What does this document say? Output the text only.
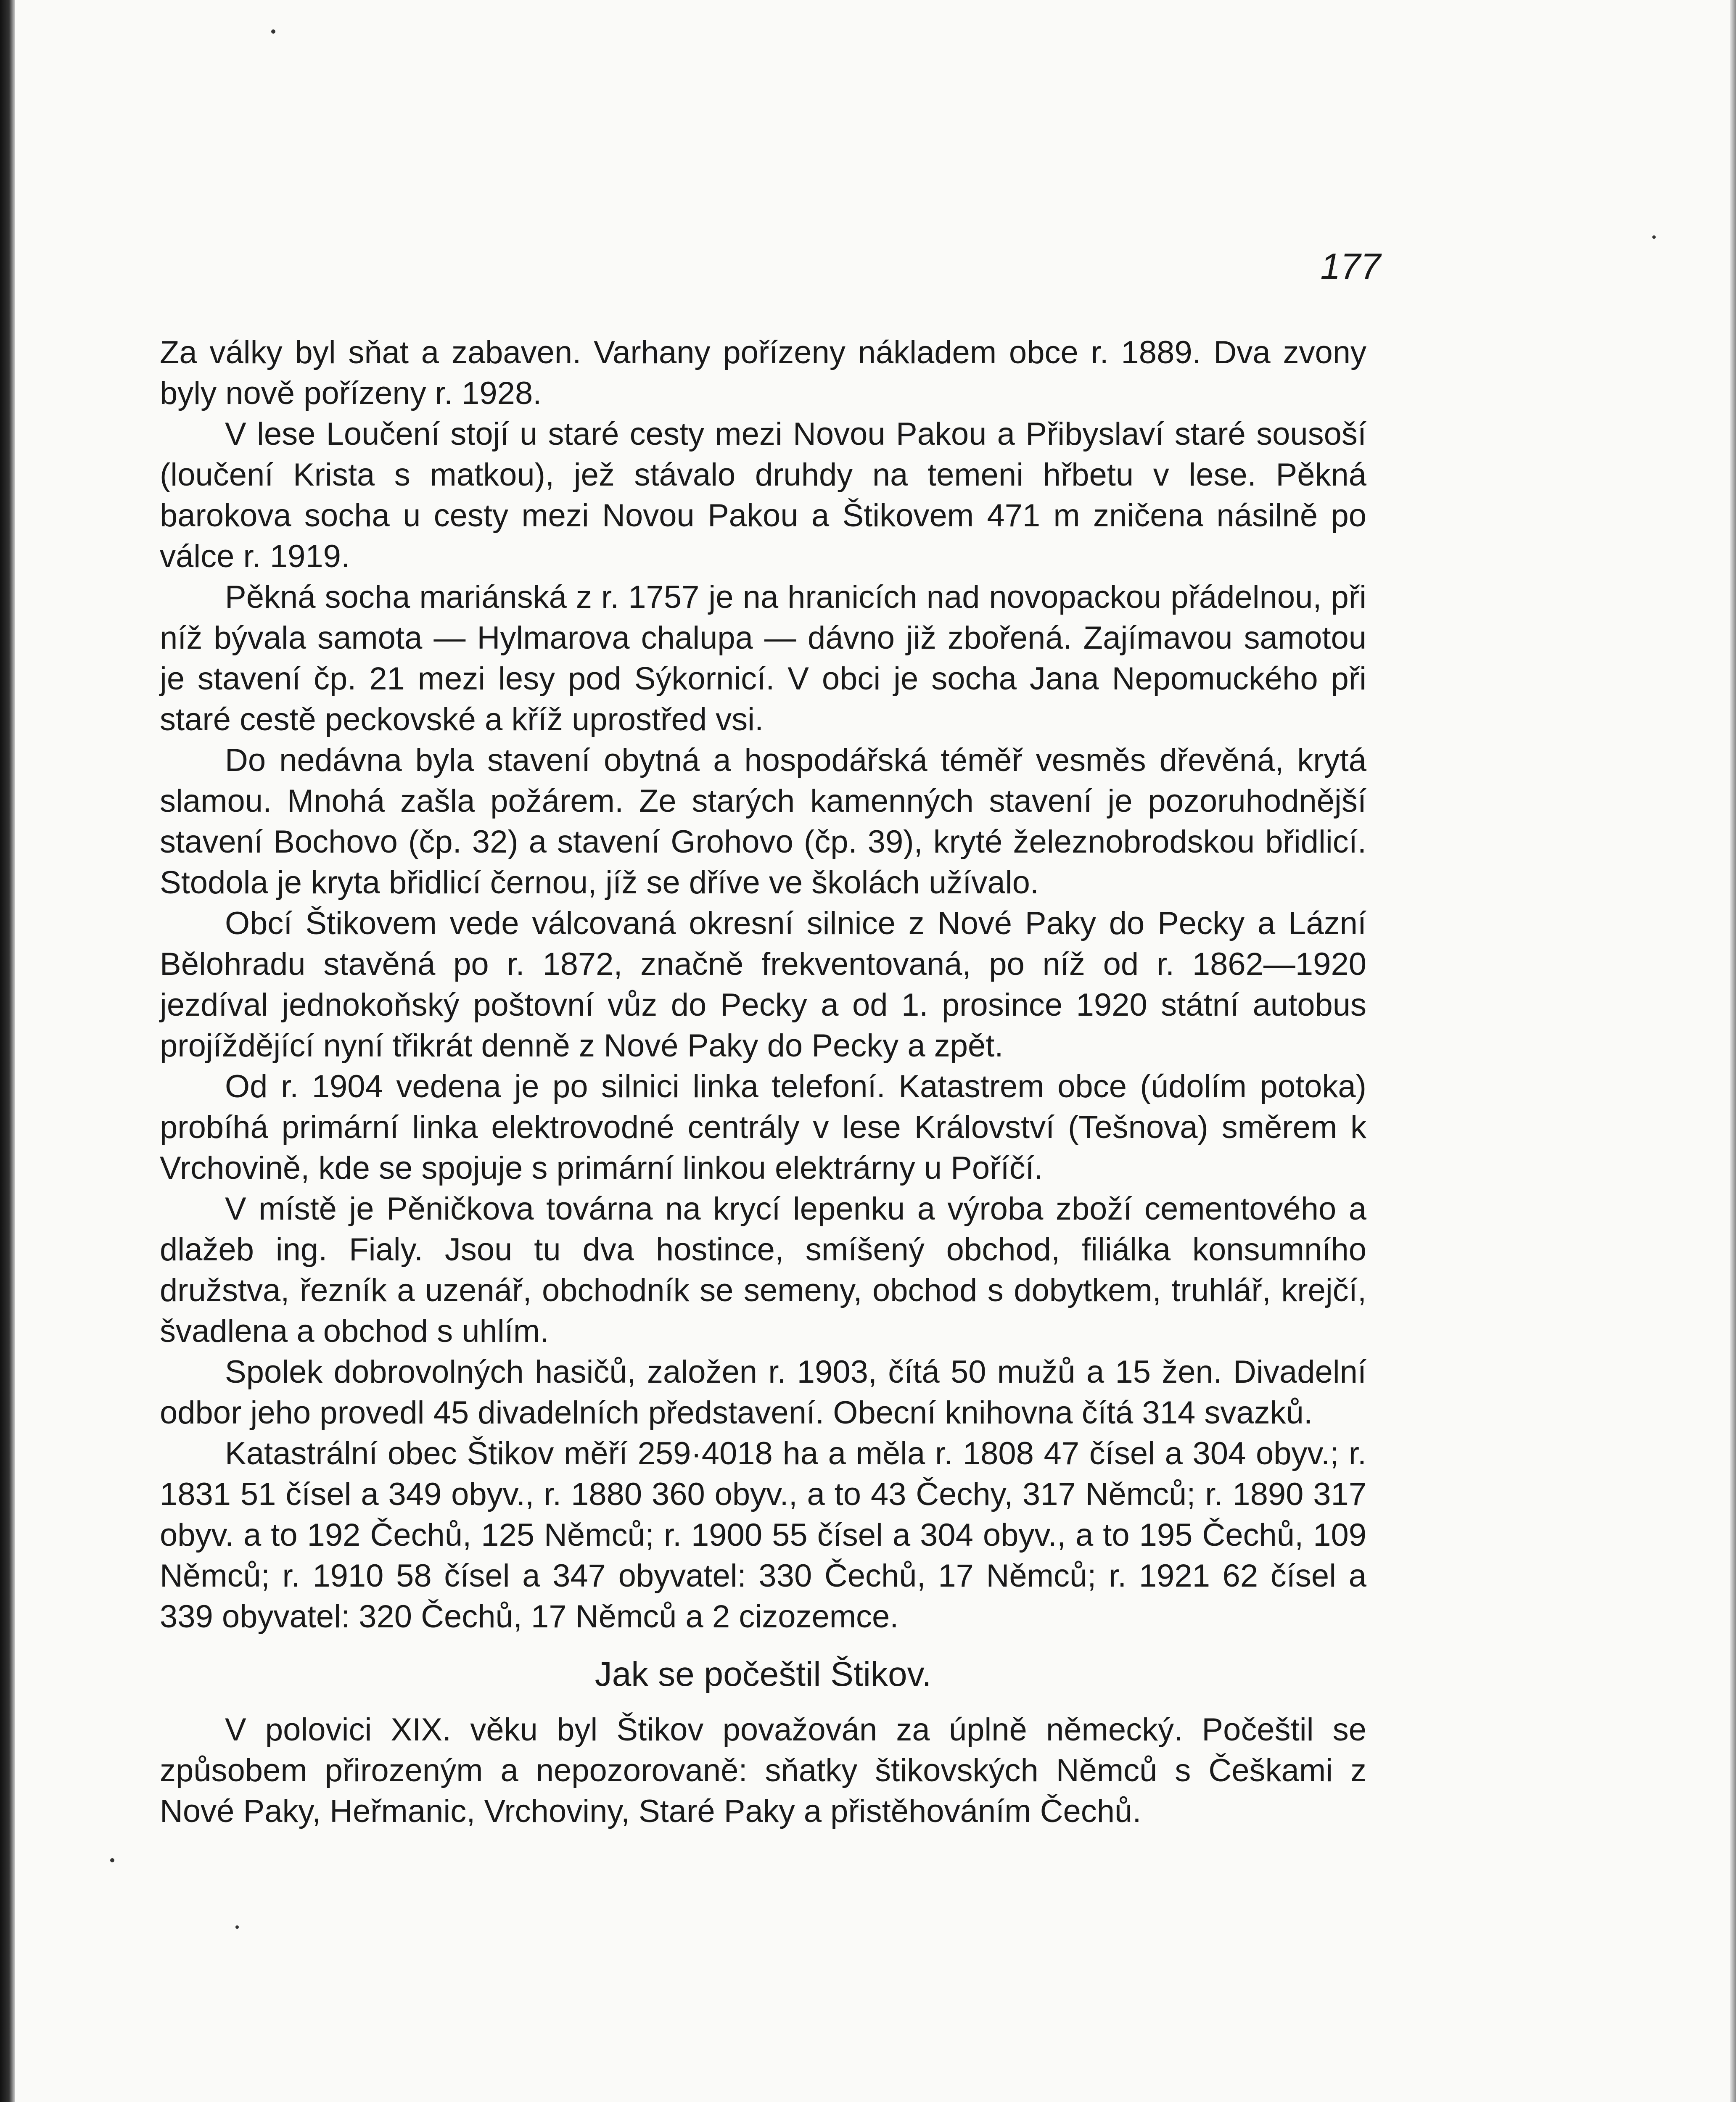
177

Za války byl sňat a zabaven. Varhany pořízeny nákladem obce r. 1889. Dva zvony byly nově pořízeny r. 1928.

V lese Loučení stojí u staré cesty mezi Novou Pakou a Přibyslaví staré sousoší (loučení Krista s matkou), jež stávalo druhdy na temeni hřbetu v lese. Pěkná barokova socha u cesty mezi Novou Pakou a Štikovem 471 m zničena násilně po válce r. 1919.

Pěkná socha mariánská z r. 1757 je na hranicích nad novopackou přádelnou, při níž bývala samota — Hylmarova chalupa — dávno již zbořená. Zajímavou samotou je stavení čp. 21 mezi lesy pod Sýkornicí. V obci je socha Jana Nepomuckého při staré cestě peckovské a kříž uprostřed vsi.

Do nedávna byla stavení obytná a hospodářská téměř vesměs dřevěná, krytá slamou. Mnohá zašla požárem. Ze starých kamenných stavení je pozoruhodnější stavení Bochovo (čp. 32) a stavení Grohovo (čp. 39), kryté železnobrodskou břidlicí. Stodola je kryta břidlicí černou, jíž se dříve ve školách užívalo.

Obcí Štikovem vede válcovaná okresní silnice z Nové Paky do Pecky a Lázní Bělohradu stavěná po r. 1872, značně frekventovaná, po níž od r. 1862—1920 jezdíval jednokoňský poštovní vůz do Pecky a od 1. prosince 1920 státní autobus projíždějící nyní třikrát denně z Nové Paky do Pecky a zpět.

Od r. 1904 vedena je po silnici linka telefoní. Katastrem obce (údolím potoka) probíhá primární linka elektrovodné centrály v lese Království (Tešnova) směrem k Vrchovině, kde se spojuje s primární linkou elektrárny u Poříčí.

V místě je Pěničkova továrna na krycí lepenku a výroba zboží cementového a dlažeb ing. Fialy. Jsou tu dva hostince, smíšený obchod, filiálka konsumního družstva, řezník a uzenář, obchodník se semeny, obchod s dobytkem, truhlář, krejčí, švadlena a obchod s uhlím.

Spolek dobrovolných hasičů, založen r. 1903, čítá 50 mužů a 15 žen. Divadelní odbor jeho provedl 45 divadelních představení. Obecní knihovna čítá 314 svazků.

Katastrální obec Štikov měří 259·4018 ha a měla r. 1808 47 čísel a 304 obyv.; r. 1831 51 čísel a 349 obyv., r. 1880 360 obyv., a to 43 Čechy, 317 Němců; r. 1890 317 obyv. a to 192 Čechů, 125 Němců; r. 1900 55 čísel a 304 obyv., a to 195 Čechů, 109 Němců; r. 1910 58 čísel a 347 obyvatel: 330 Čechů, 17 Němců; r. 1921 62 čísel a 339 obyvatel: 320 Čechů, 17 Němců a 2 cizozemce.

Jak se počeštil Štikov.

V polovici XIX. věku byl Štikov považován za úplně německý. Počeštil se způsobem přirozeným a nepozorovaně: sňatky štikovských Němců s Češkami z Nové Paky, Heřmanic, Vrchoviny, Staré Paky a přistěhováním Čechů.
